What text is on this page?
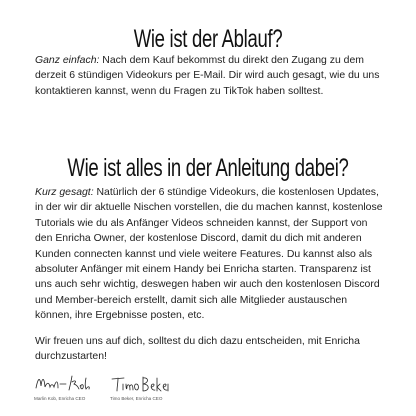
Wie ist der Ablauf?

Ganz einfach: Nach dem Kauf bekommst du direkt den Zugang zu dem derzeit 6 stündigen Videokurs per E-Mail. Dir wird auch gesagt, wie du uns kontaktieren kannst, wenn du Fragen zu TikTok haben solltest.

Wie ist alles in der Anleitung dabei?

Kurz gesagt: Natürlich der 6 stündige Videokurs, die kostenlosen Updates, in der wir dir aktuelle Nischen vorstellen, die du machen kannst, kostenlose Tutorials wie du als Anfänger Videos schneiden kannst, der Support von den Enricha Owner, der kostenlose Discord, damit du dich mit anderen Kunden connecten kannst und viele weitere Features. Du kannst also als absoluter Anfänger mit einem Handy bei Enricha starten. Transparenz ist uns auch sehr wichtig, deswegen haben wir auch den kostenlosen Discord und Member-bereich erstellt, damit sich alle Mitglieder austauschen können, ihre Ergebnisse posten, etc.

Wir freuen uns auf dich, solltest du dich dazu entscheiden, mit Enricha durchzustarten!

Marlin Kob, Enricha CEO	Timo Beker, Enricha CEO
